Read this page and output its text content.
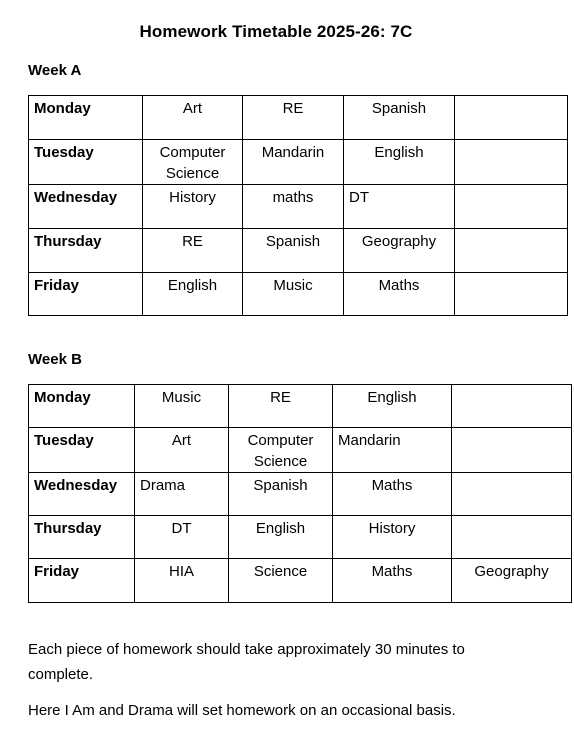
Homework Timetable 2025-26: 7C
Week A
Monday	Art	RE	Spanish	
Tuesday	Computer Science	Mandarin	English	
Wednesday	History	maths	DT	
Thursday	RE	Spanish	Geography	
Friday	English	Music	Maths	
Week B
Monday	Music	RE	English	
Tuesday	Art	Computer Science	Mandarin	
Wednesday	Drama	Spanish	Maths	
Thursday	DT	English	History	
Friday	HIA	Science	Maths	Geography
Each piece of homework should take approximately 30 minutes to complete.
Here I Am and Drama will set homework on an occasional basis.
